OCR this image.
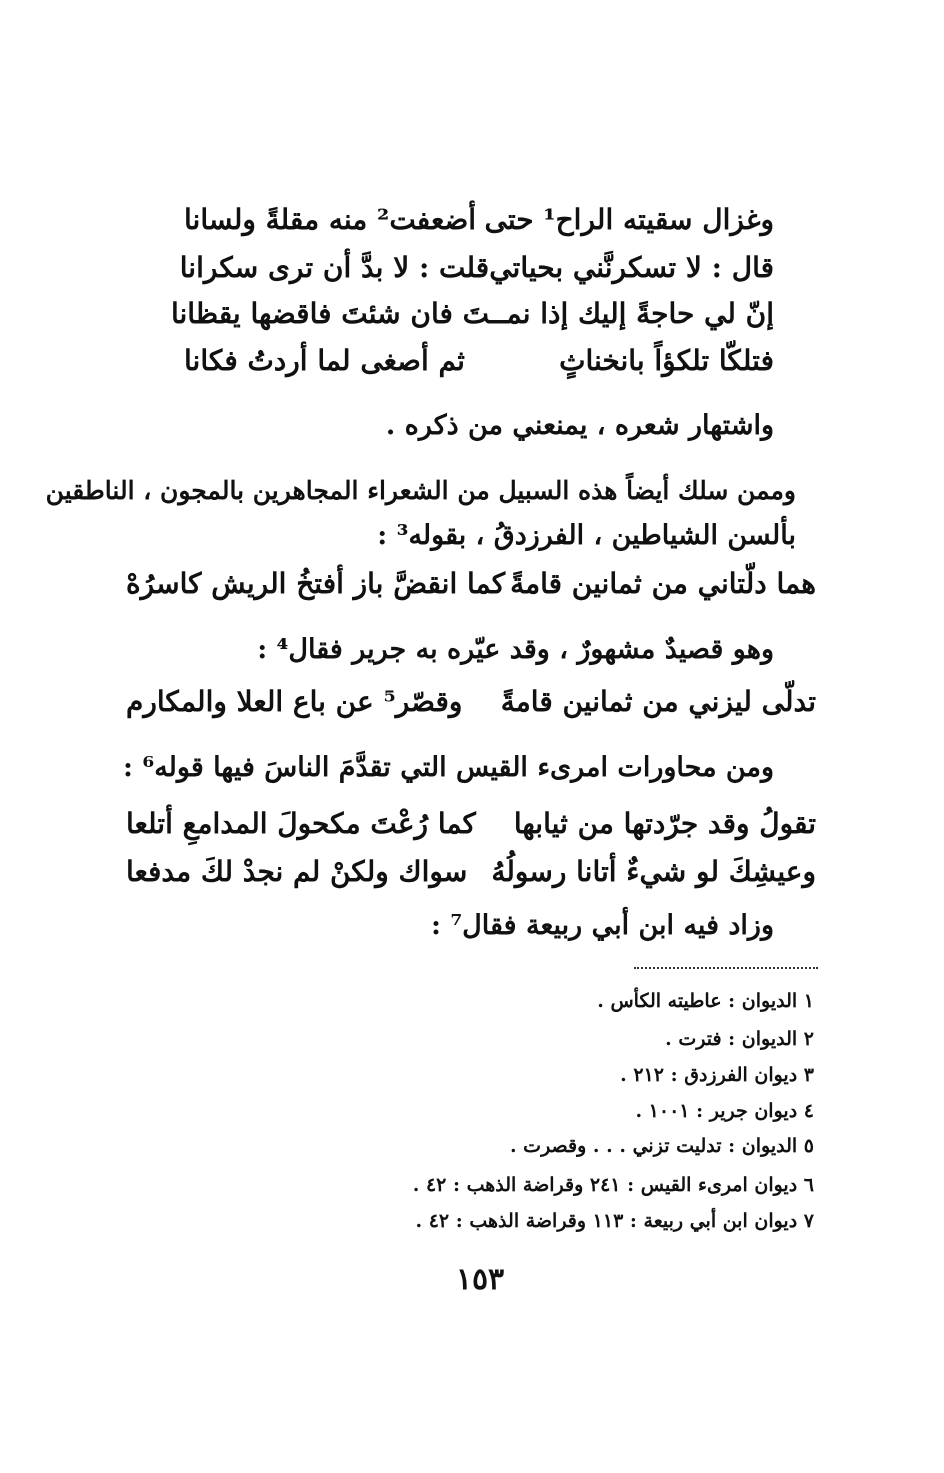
وغزال سقيته الراح¹ حتى
أضعفت² منه مقلةً ولسانا
قال : لا تسكرنَّني بحياتي
قلت : لا بدَّ أن ترى سكرانا
إنّ لي حاجةً إليك إذا نمـ
ـتَ فان شئتَ فاقضها يقظانا
فتلكّا تلكؤاً بانخناثٍ
ثم أصغى لما أردتُ فكانا
واشتهار شعره ، يمنعني من ذكره .
وممن سلك أيضاً هذه السبيل من الشعراء المجاهرين بالمجون ، الناطقين
بألسن الشياطين ، الفرزدقُ ، بقوله³ :
هما دلّتاني من ثمانين قامةً
كما انقضَّ باز أفتخُ الريش كاسرُهْ
وهو قصيدٌ مشهورٌ ، وقد عيّره به جرير فقال⁴ :
تدلّى ليزني من ثمانين قامةً
وقصّر⁵ عن باع العلا والمكارم
ومن محاورات امرىء القيس التي تقدَّمَ الناسَ فيها قوله⁶ :
تقولُ وقد جرّدتها من ثيابها
كما رُعْتَ مكحولَ المدامعِ أتلعا
وعيشِكَ لو شيءٌ أتانا رسولُهُ
سواك ولكنْ لم نجدْ لكَ مدفعا
وزاد فيه ابن أبي ربيعة فقال⁷ :
١ الديوان : عاطيته الكأس .
٢ الديوان : فترت .
٣ ديوان الفرزدق : ٢١٢ .
٤ ديوان جرير : ١٠٠١ .
٥ الديوان : تدليت تزني . . . وقصرت .
٦ ديوان امرىء القيس : ٢٤١ وقراضة الذهب : ٤٢ .
٧ ديوان ابن أبي ربيعة : ١١٣ وقراضة الذهب : ٤٢ .
١٥٣
